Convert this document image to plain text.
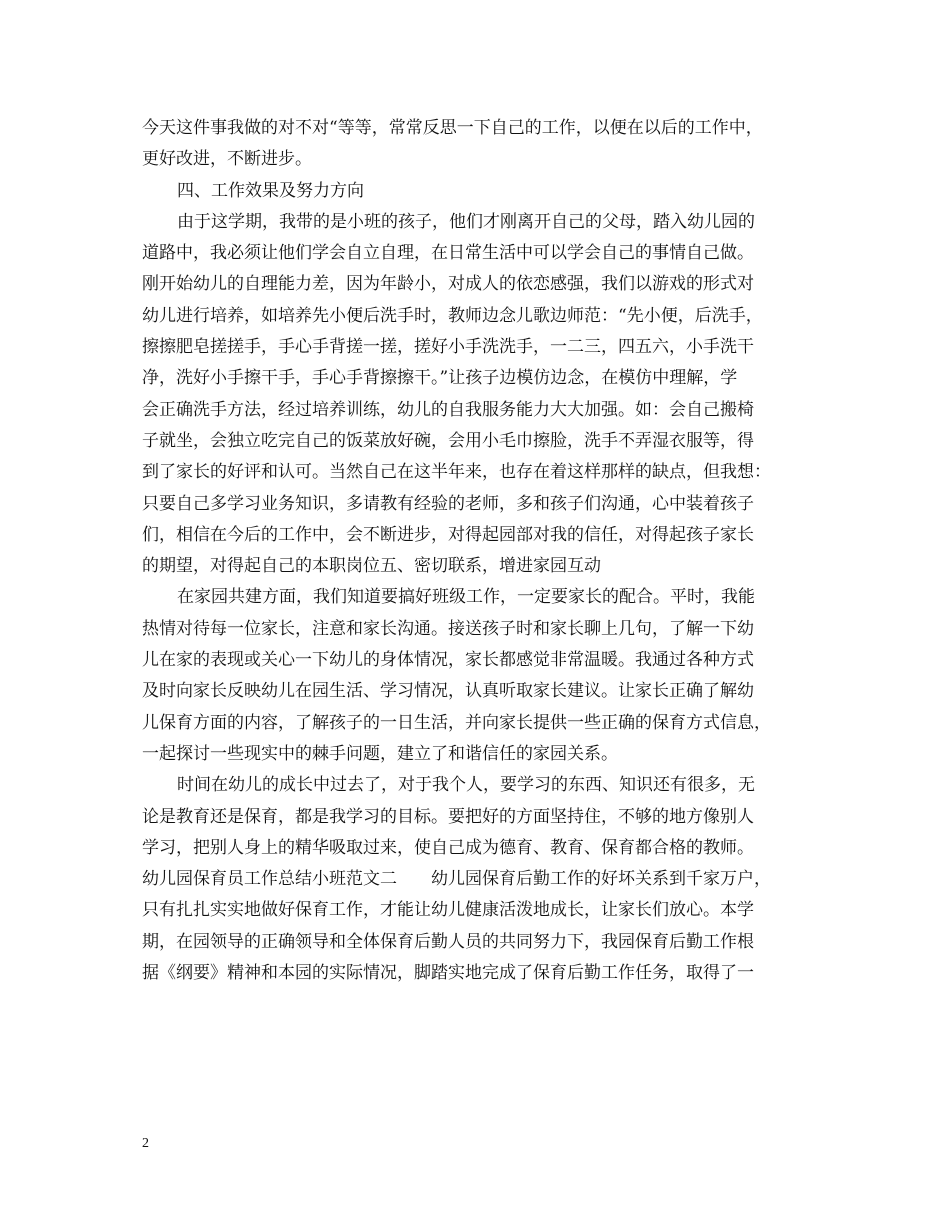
今天这件事我做的对不对“等等，常常反思一下自己的工作，以便在以后的工作中，
更好改进，不断进步。
四、工作效果及努力方向
由于这学期，我带的是小班的孩子，他们才刚离开自己的父母，踏入幼儿园的
道路中，我必须让他们学会自立自理，在日常生活中可以学会自己的事情自己做。
刚开始幼儿的自理能力差，因为年龄小，对成人的依恋感强，我们以游戏的形式对
幼儿进行培养，如培养先小便后洗手时，教师边念儿歌边师范：“先小便，后洗手，
擦擦肥皂搓搓手，手心手背搓一搓，搓好小手洗洗手，一二三，四五六，小手洗干
净，洗好小手擦干手，手心手背擦擦干。”让孩子边模仿边念，在模仿中理解，学
会正确洗手方法，经过培养训练，幼儿的自我服务能力大大加强。如：会自己搬椅
子就坐，会独立吃完自己的饭菜放好碗，会用小毛巾擦脸，洗手不弄湿衣服等，得
到了家长的好评和认可。当然自己在这半年来，也存在着这样那样的缺点，但我想：
只要自己多学习业务知识，多请教有经验的老师，多和孩子们沟通，心中装着孩子
们，相信在今后的工作中，会不断进步，对得起园部对我的信任，对得起孩子家长
的期望，对得起自己的本职岗位五、密切联系，增进家园互动
在家园共建方面，我们知道要搞好班级工作，一定要家长的配合。平时，我能
热情对待每一位家长，注意和家长沟通。接送孩子时和家长聊上几句，了解一下幼
儿在家的表现或关心一下幼儿的身体情况，家长都感觉非常温暖。我通过各种方式
及时向家长反映幼儿在园生活、学习情况，认真听取家长建议。让家长正确了解幼
儿保育方面的内容，了解孩子的一日生活，并向家长提供一些正确的保育方式信息，
一起探讨一些现实中的棘手问题，建立了和谐信任的家园关系。
时间在幼儿的成长中过去了，对于我个人，要学习的东西、知识还有很多，无
论是教育还是保育，都是我学习的目标。要把好的方面坚持住，不够的地方像别人
学习，把别人身上的精华吸取过来，使自己成为德育、教育、保育都合格的教师。
幼儿园保育员工作总结小班范文二　　幼儿园保育后勤工作的好坏关系到千家万户，
只有扎扎实实地做好保育工作，才能让幼儿健康活泼地成长，让家长们放心。本学
期，在园领导的正确领导和全体保育后勤人员的共同努力下，我园保育后勤工作根
据《纲要》精神和本园的实际情况，脚踏实地完成了保育后勤工作任务，取得了一
2
